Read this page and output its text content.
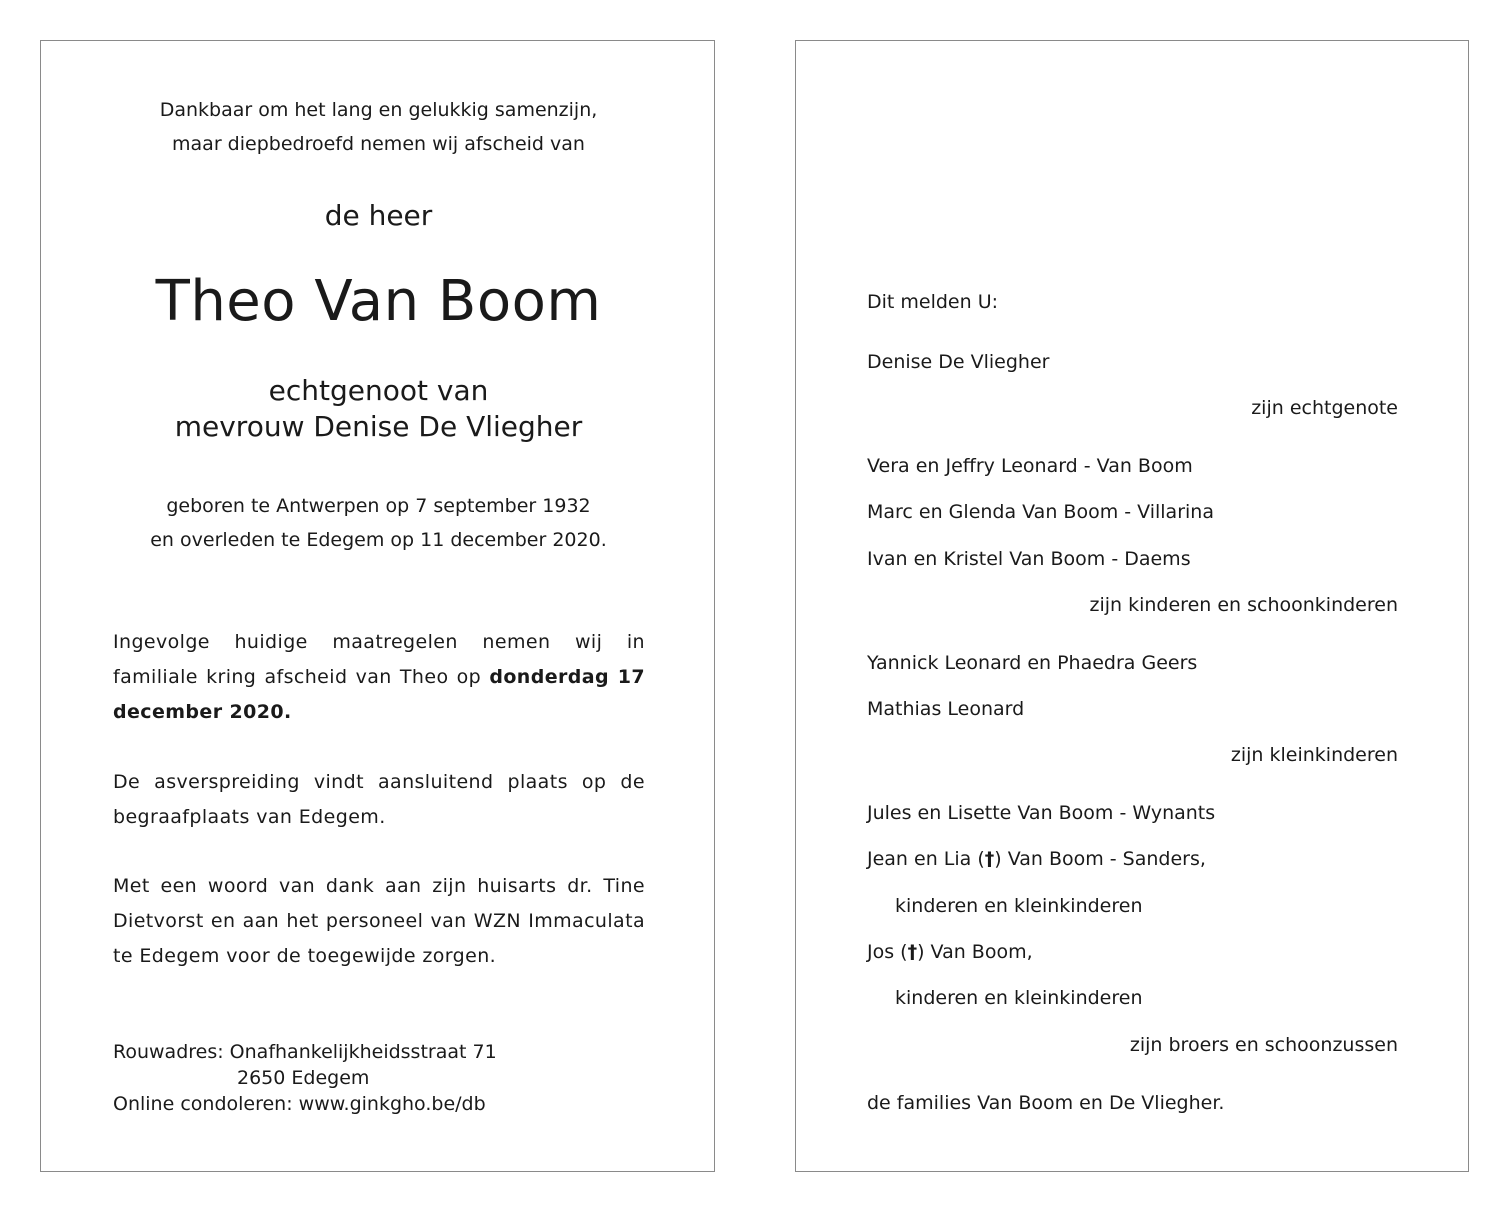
Dankbaar om het lang en gelukkig samenzijn,
maar diepbedroefd nemen wij afscheid van
de heer
Theo Van Boom
echtgenoot van
mevrouw Denise De Vliegher
geboren te Antwerpen op 7 september 1932
en overleden te Edegem op 11 december 2020.
Ingevolge huidige maatregelen nemen wij in familiale kring afscheid van Theo op donderdag 17 december 2020.
De asverspreiding vindt aansluitend plaats op de begraafplaats van Edegem.
Met een woord van dank aan zijn huisarts dr. Tine Dietvorst en aan het personeel van WZN Immaculata te Edegem voor de toegewijde zorgen.
Rouwadres: Onafhankelijkheidsstraat 71
2650 Edegem
Online condoleren: www.ginkgho.be/db
Dit melden U:
Denise De Vliegher
zijn echtgenote
Vera en Jeffry Leonard - Van Boom
Marc en Glenda Van Boom - Villarina
Ivan en Kristel Van Boom - Daems
zijn kinderen en schoonkinderen
Yannick Leonard en Phaedra Geers
Mathias Leonard
zijn kleinkinderen
Jules en Lisette Van Boom - Wynants
Jean en Lia (†) Van Boom - Sanders,
kinderen en kleinkinderen
Jos (†) Van Boom,
kinderen en kleinkinderen
zijn broers en schoonzussen
de families Van Boom en De Vliegher.
